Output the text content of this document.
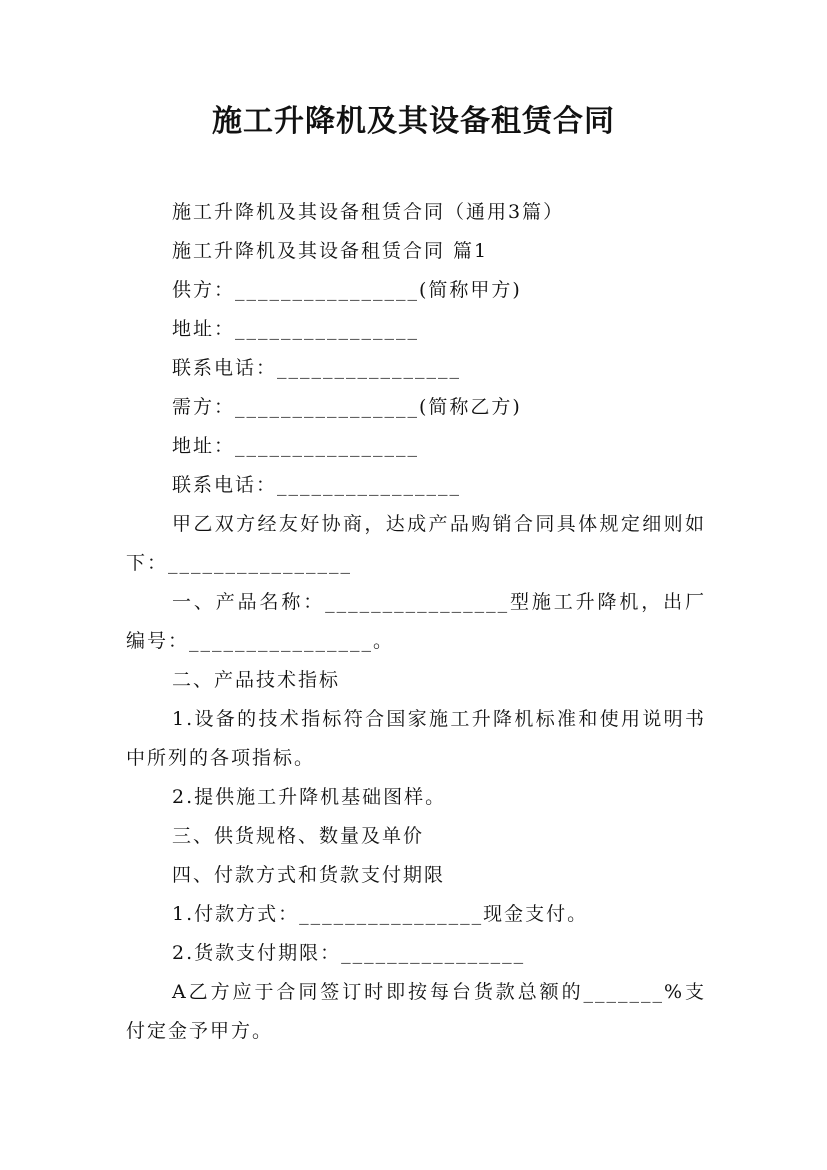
施工升降机及其设备租赁合同

施工升降机及其设备租赁合同（通用3篇）

施工升降机及其设备租赁合同 篇1

供方：________________(简称甲方)

地址：________________

联系电话：________________

需方：________________(简称乙方)

地址：________________

联系电话：________________

甲乙双方经友好协商，达成产品购销合同具体规定细则如下：________________

一、产品名称：________________型施工升降机，出厂编号：________________。

二、产品技术指标

1.设备的技术指标符合国家施工升降机标准和使用说明书中所列的各项指标。

2.提供施工升降机基础图样。

三、供货规格、数量及单价

四、付款方式和货款支付期限

1.付款方式：________________现金支付。

2.货款支付期限：________________

A乙方应于合同签订时即按每台货款总额的_______%支付定金予甲方。
